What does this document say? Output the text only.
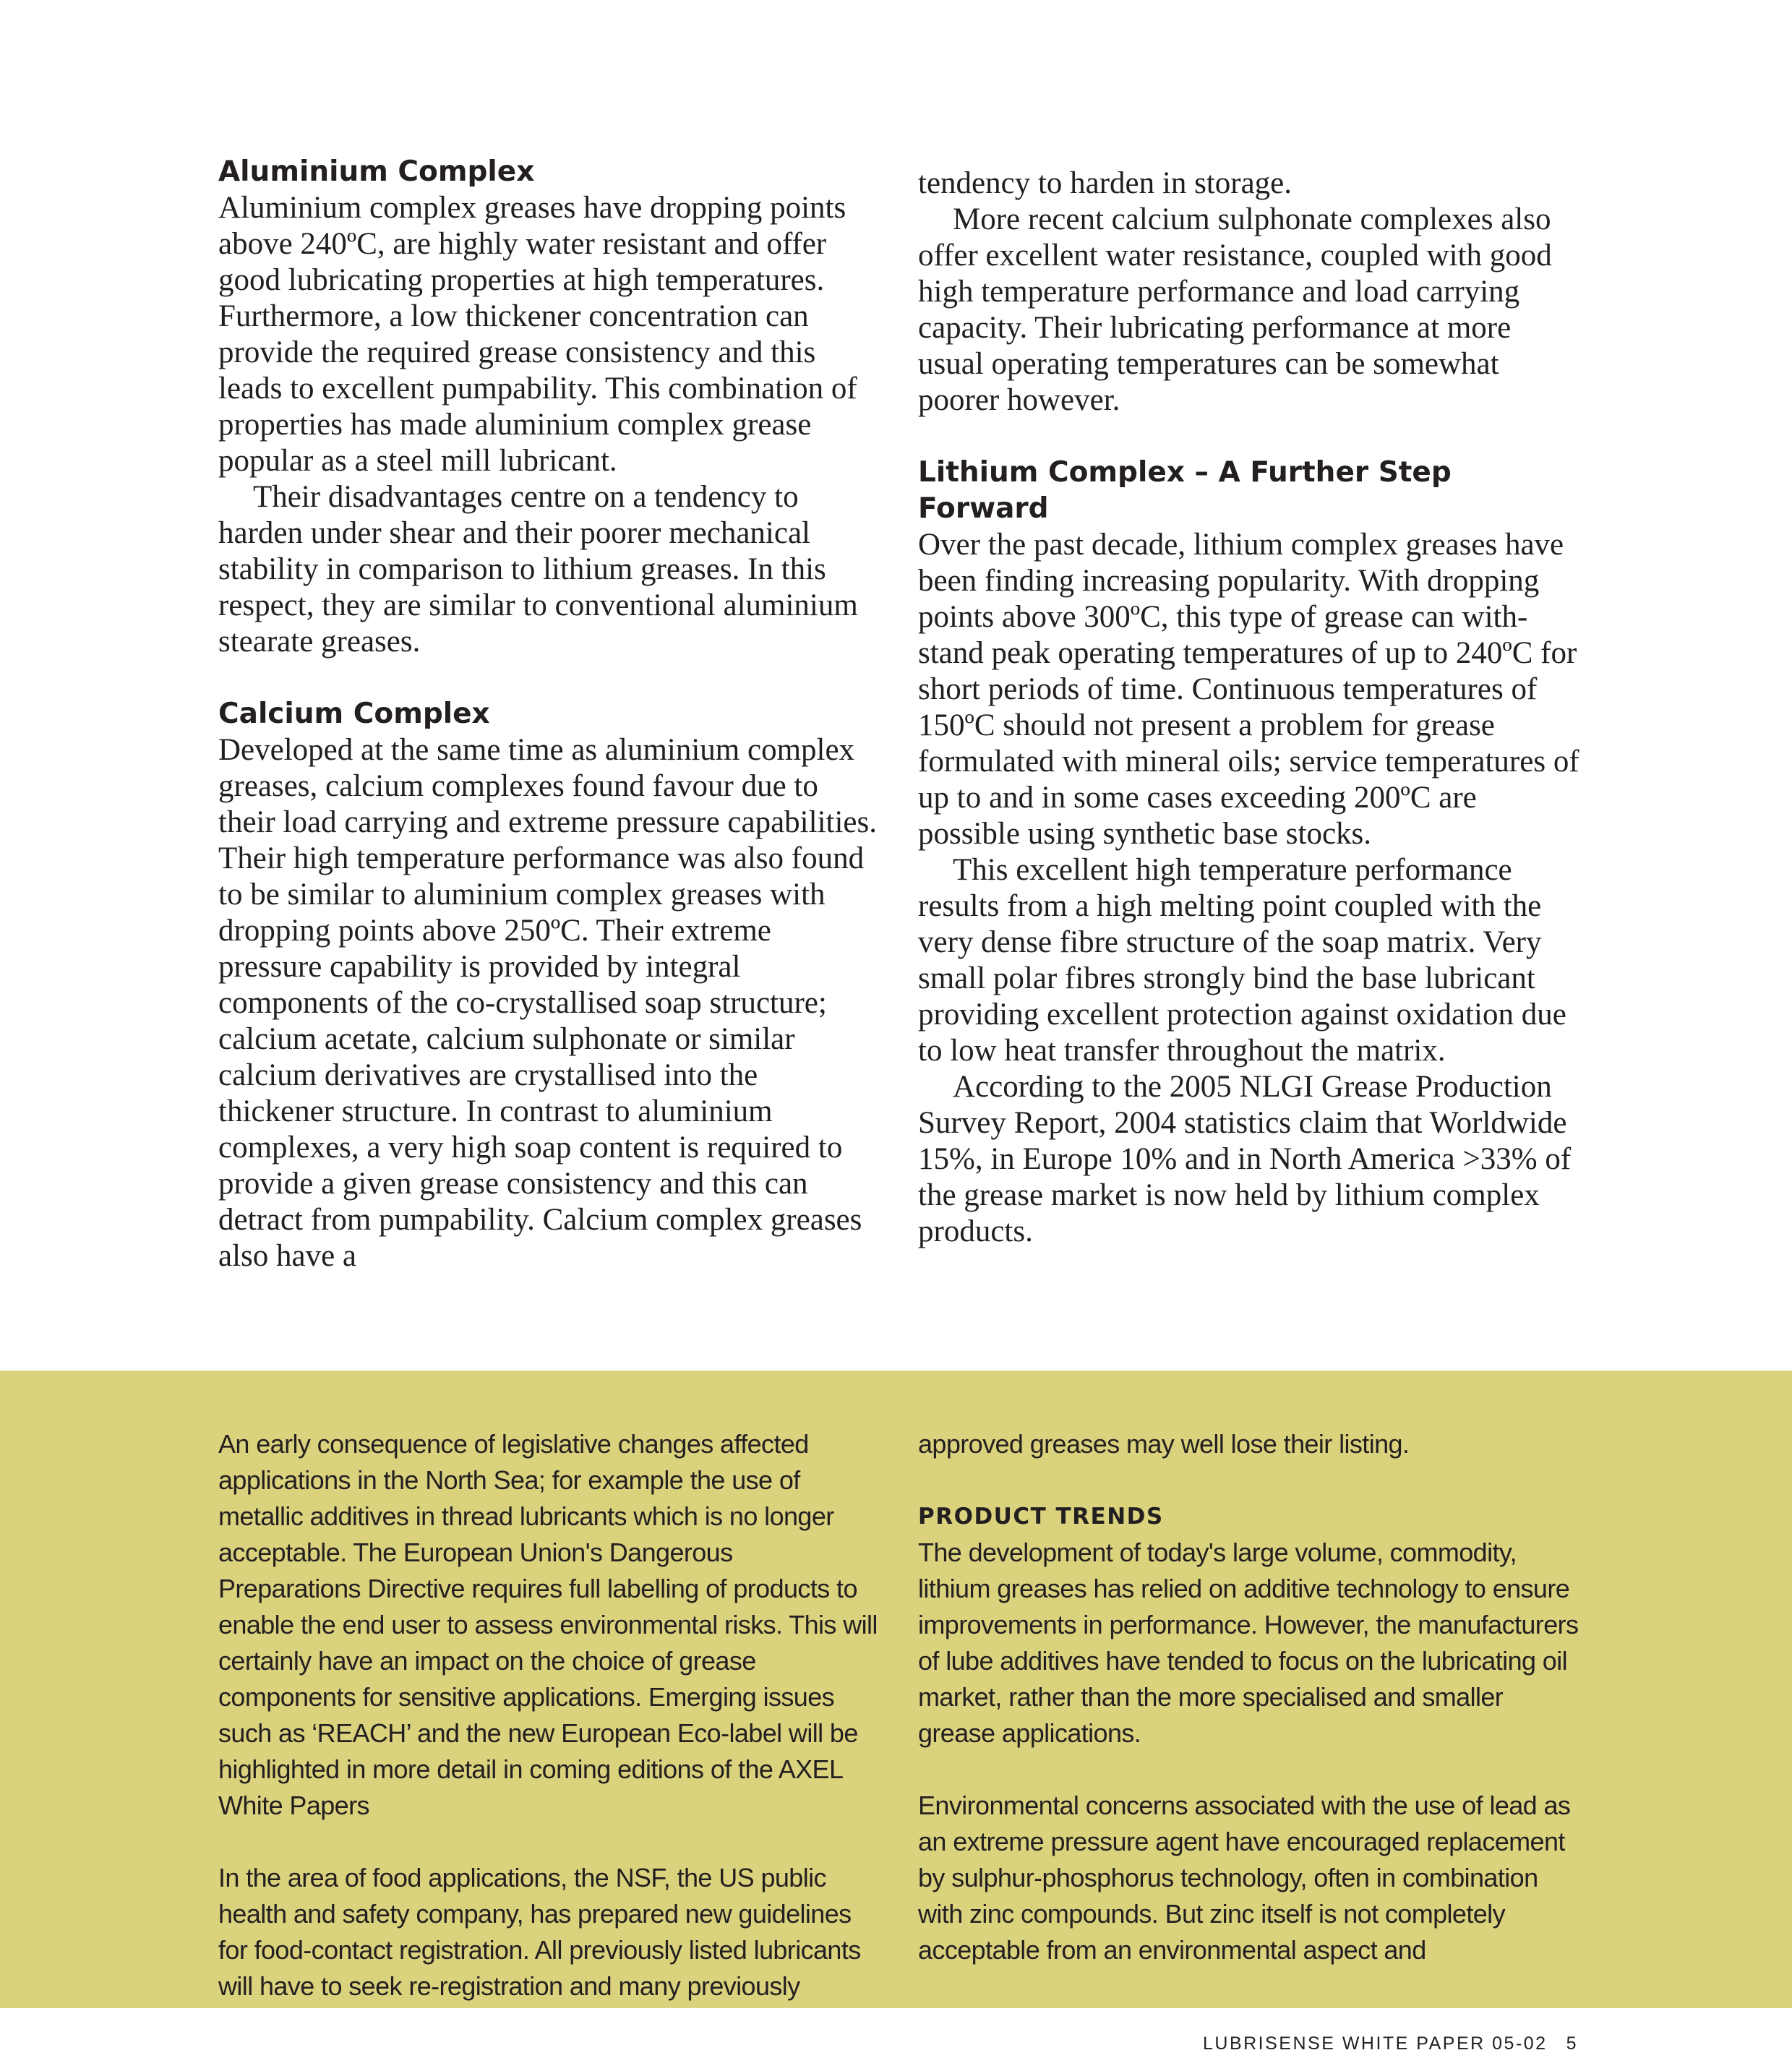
Aluminium Complex

Aluminium complex greases have dropping points above 240ºC, are highly water resistant and offer good lubricating properties at high temperatures. Furthermore, a low thickener concentration can provide the required grease consistency and this leads to excellent pumpability. This combination of properties has made aluminium complex grease popular as a steel mill lubricant.

Their disadvantages centre on a tendency to harden under shear and their poorer mechanical stability in comparison to lithium greases. In this respect, they are similar to conventional aluminium stearate greases.

Calcium Complex

Developed at the same time as aluminium complex greases, calcium complexes found favour due to their load carrying and extreme pressure capabilities. Their high temperature performance was also found to be similar to aluminium complex greases with dropping points above 250ºC. Their extreme pressure capability is provided by integral components of the co-crystallised soap structure; calcium acetate, calcium sulphonate or similar calcium derivatives are crystallised into the thickener structure. In contrast to aluminium complexes, a very high soap content is required to provide a given grease consistency and this can detract from pumpability. Calcium complex greases also have a

tendency to harden in storage.

More recent calcium sulphonate complexes also offer excellent water resistance, coupled with good high temperature performance and load carrying capacity. Their lubricating performance at more usual operating temperatures can be somewhat poorer however.

Lithium Complex – A Further Step Forward

Over the past decade, lithium complex greases have been finding increasing popularity. With dropping points above 300ºC, this type of grease can with-stand peak operating temperatures of up to 240ºC for short periods of time. Continuous temperatures of 150ºC should not present a problem for grease formulated with mineral oils; service temperatures of up to and in some cases exceeding 200ºC are possible using synthetic base stocks.

This excellent high temperature performance results from a high melting point coupled with the very dense fibre structure of the soap matrix. Very small polar fibres strongly bind the base lubricant providing excellent protection against oxidation due to low heat transfer throughout the matrix.

According to the 2005 NLGI Grease Production Survey Report, 2004 statistics claim that Worldwide 15%, in Europe 10% and in North America >33% of the grease market is now held by lithium complex products.

An early consequence of legislative changes affected applications in the North Sea; for example the use of metallic additives in thread lubricants which is no longer acceptable. The European Union's Dangerous Preparations Directive requires full labelling of products to enable the end user to assess environmental risks. This will certainly have an impact on the choice of grease components for sensitive applications. Emerging issues such as ‘REACH’ and the new European Eco-label will be highlighted in more detail in coming editions of the AXEL White Papers

In the area of food applications, the NSF, the US public health and safety company, has prepared new guidelines for food-contact registration. All previously listed lubricants will have to seek re-registration and many previously

approved greases may well lose their listing.

PRODUCT TRENDS

The development of today's large volume, commodity, lithium greases has relied on additive technology to ensure improvements in performance. However, the manufacturers of lube additives have tended to focus on the lubricating oil market, rather than the more specialised and smaller grease applications.

Environmental concerns associated with the use of lead as an extreme pressure agent have encouraged replacement by sulphur-phosphorus technology, often in combination with zinc compounds. But zinc itself is not completely acceptable from an environmental aspect and

LUBRISENSE WHITE PAPER 05-02 5
